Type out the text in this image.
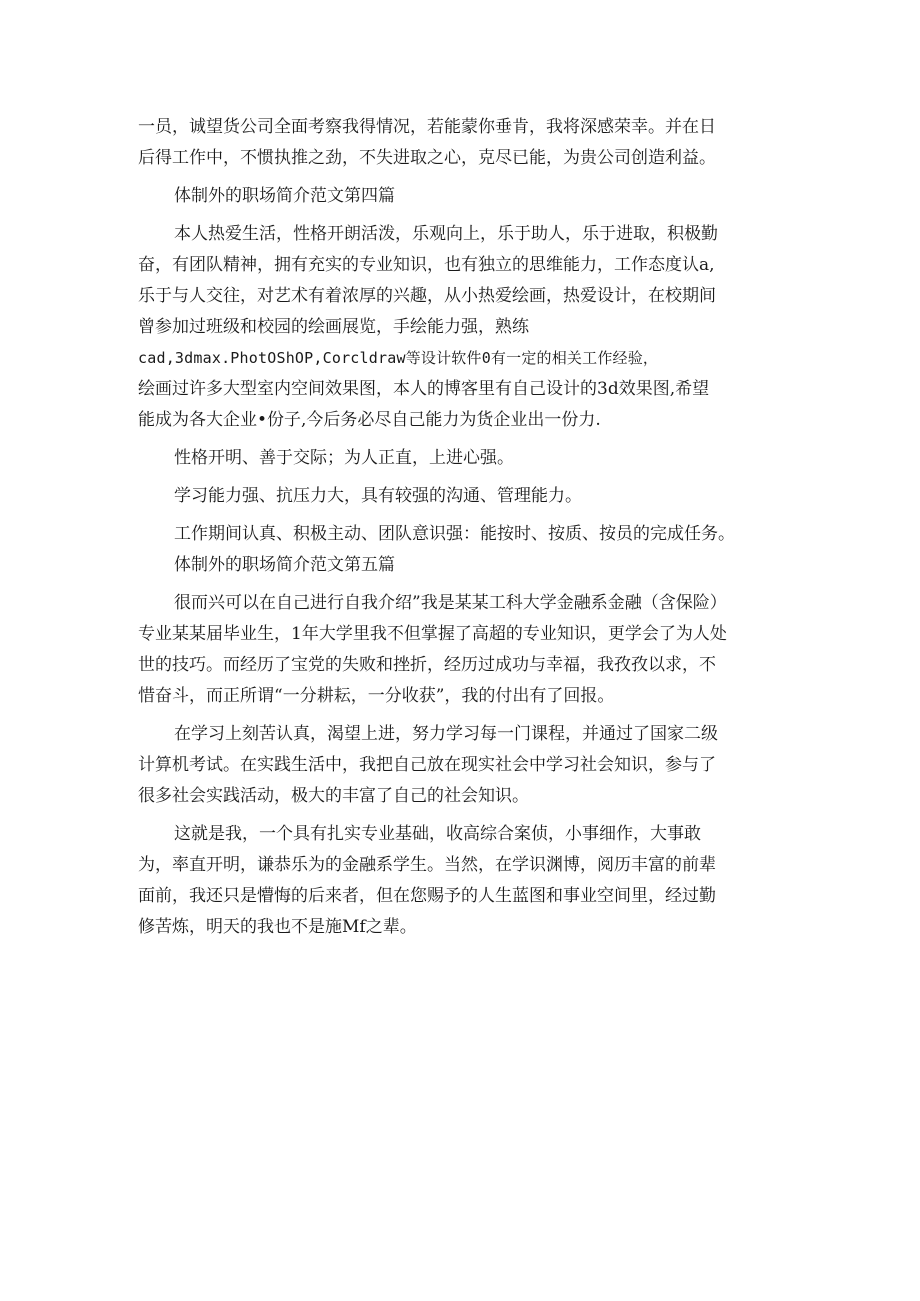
一员，诚望货公司全面考察我得情况，若能蒙你垂肯，我将深感荣幸。并在日
后得工作中，不惯执推之劲，不失进取之心，克尽已能，为贵公司创造利益。
体制外的职场简介范文第四篇
本人热爱生活，性格开朗活泼，乐观向上，乐于助人，乐于进取，积极勤
奋，有团队精神，拥有充实的专业知识，也有独立的思维能力，工作态度认a,
乐于与人交往，对艺术有着浓厚的兴趣，从小热爱绘画，热爱设计，在校期间
曾参加过班级和校园的绘画展览，手绘能力强，熟练
cad,3dmax.PhotOShOP,Corcldraw等设计软件0有一定的相关工作经验，
绘画过许多大型室内空间效果图，本人的博客里有自己设计的3d效果图,希望
能成为各大企业•份子,今后务必尽自己能力为货企业出一份力.
性格开明、善于交际；为人正直，上进心强。
学习能力强、抗压力大，具有较强的沟通、管理能力。
工作期间认真、积极主动、团队意识强：能按时、按质、按员的完成任务。
体制外的职场简介范文第五篇
很而兴可以在自己进行自我介绍”我是某某工科大学金融系金融（含保险）
专业某某届毕业生，1年大学里我不但掌握了高超的专业知识，更学会了为人处
世的技巧。而经历了宝党的失败和挫折，经历过成功与幸福，我孜孜以求，不
惜奋斗，而正所谓“一分耕耘，一分收获”，我的付出有了回报。
在学习上刻苦认真，渴望上进，努力学习每一门课程，并通过了国家二级
计算机考试。在实践生活中，我把自己放在现实社会中学习社会知识，参与了
很多社会实践活动，极大的丰富了自己的社会知识。
这就是我，一个具有扎实专业基础，收高综合案侦，小事细作，大事敢
为，率直开明，谦恭乐为的金融系学生。当然，在学识渊博，阅历丰富的前辈
面前，我还只是懵悔的后来者，但在您赐予的人生蓝图和事业空间里，经过勤
修苦炼，明天的我也不是施Mf之辈。
